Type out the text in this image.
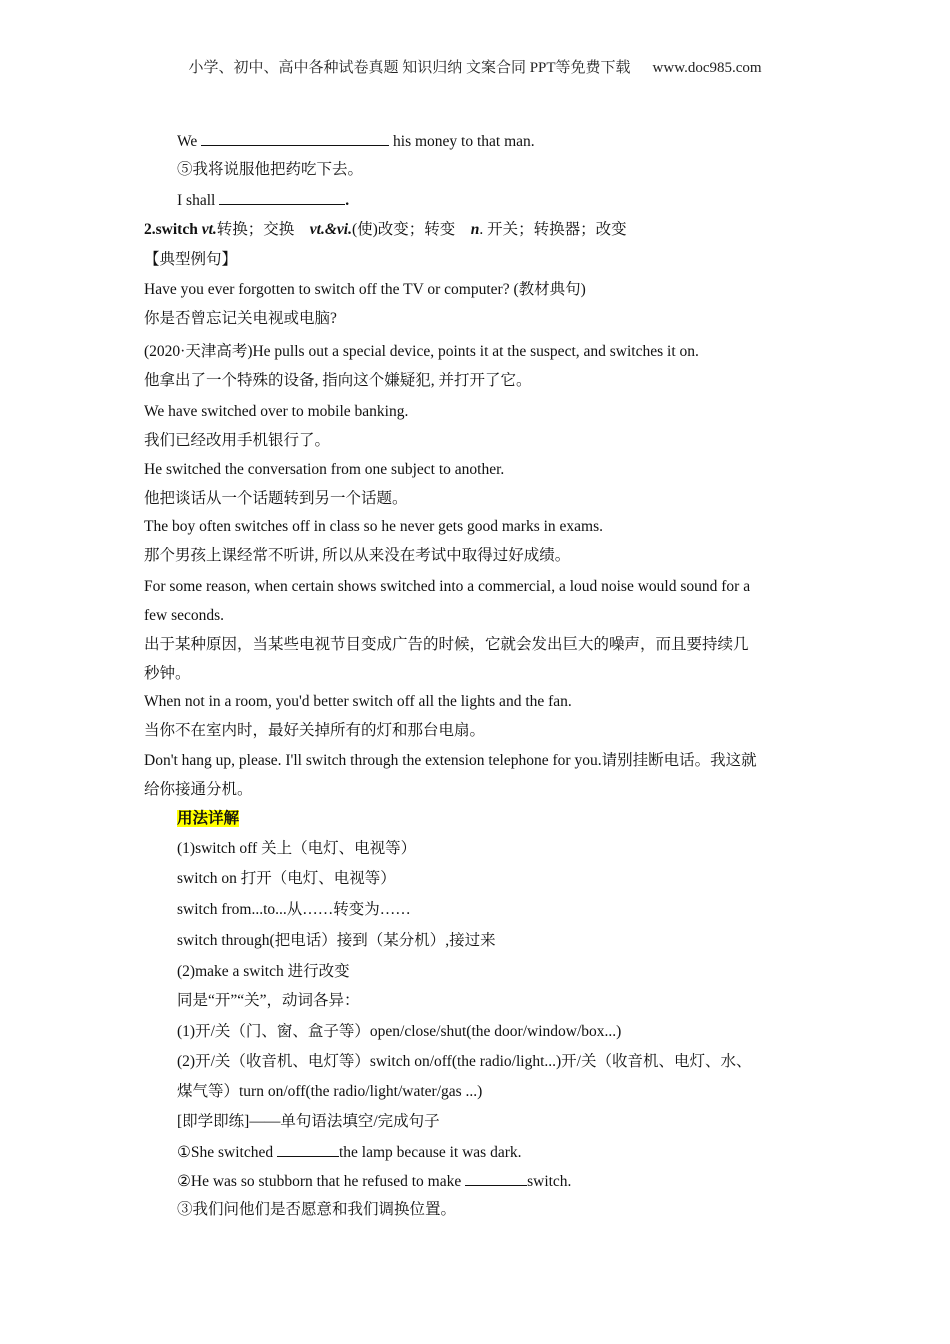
小学、初中、高中各种试卷真题 知识归纳 文案合同 PPT等免费下载 www.doc985.com
We	his money to that man.
⑤我将说服他把药吃下去。
I shall	.
2.switch vt.转换；交换    vt.&vi.(使)改变；转变    n. 开关；转换器；改变
【典型例句】
Have you ever forgotten to switch off the TV or computer? (教材典句)
你是否曾忘记关电视或电脑?
(2020·天津高考)He pulls out a special device, points it at the suspect, and switches it on.
他拿出了一个特殊的设备, 指向这个嫌疑犯, 并打开了它。
We have switched over to mobile banking.
我们已经改用手机银行了。
He switched the conversation from one subject to another.
他把谈话从一个话题转到另一个话题。
The boy often switches off in class so he never gets good marks in exams.
那个男孩上课经常不听讲, 所以从来没在考试中取得过好成绩。
For some reason, when certain shows switched into a commercial, a loud noise would sound for a
few seconds.
出于某种原因，当某些电视节目变成广告的时候，它就会发出巨大的噪声，而且要持续几
秒钟。
When not in a room, you'd better switch off all the lights and the fan.
当你不在室内时，最好关掉所有的灯和那台电扇。
Don't hang up, please. I'll switch through the extension telephone for you.请别挂断电话。我这就
给你接通分机。
用法详解
(1)switch off 关上（电灯、电视等）
switch on 打开（电灯、电视等）
switch from...to...从……转变为……
switch through(把电话）接到（某分机）,接过来
(2)make a switch 进行改变
同是“开”“关”，动词各异：
(1)开/关（门、窗、盒子等）open/close/shut(the door/window/box...)
(2)开/关（收音机、电灯等）switch on/off(the radio/light...)开/关（收音机、电灯、水、
煤气等）turn on/off(the radio/light/water/gas ...)
[即学即练]——单句语法填空/完成句子
①She switched	the lamp because it was dark.
②He was so stubborn that he refused to make	switch.
③我们问他们是否愿意和我们调换位置。
